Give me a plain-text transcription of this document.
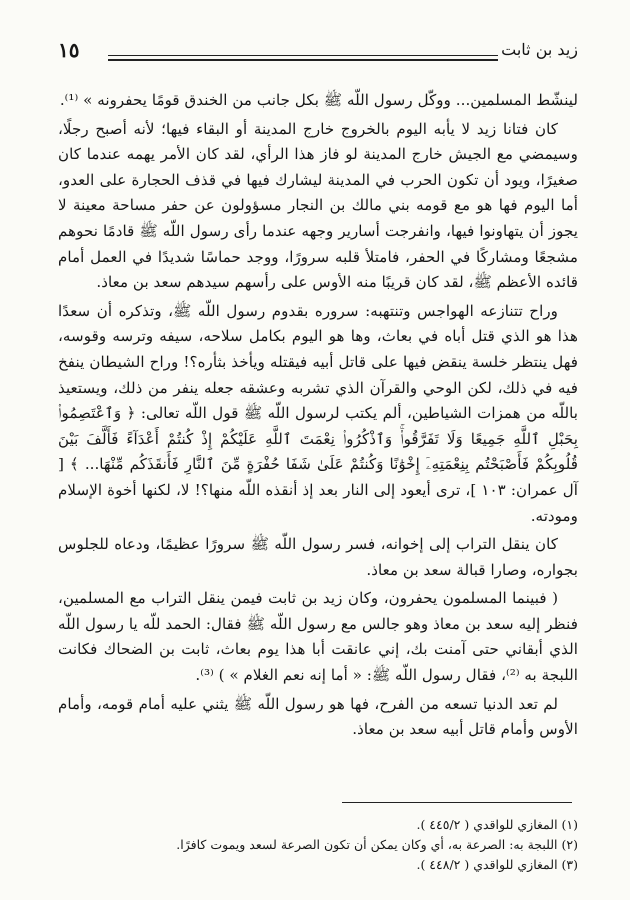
زيد بن ثابت
١٥

لينشّط المسلمين... ووكّل رسول اللّه ﷺ بكل جانب من الخندق قومًا يحفرونه » ⁽¹⁾.

كان فتانا زيد لا يأبه اليوم بالخروج خارج المدينة أو البقاء فيها؛ لأنه أصبح رجلًا، وسيمضي مع الجيش خارج المدينة لو فاز هذا الرأي، لقد كان الأمر يهمه عندما كان صغيرًا، ويود أن تكون الحرب في المدينة ليشارك فيها في قذف الحجارة على العدو، أما اليوم فها هو مع قومه بني مالك بن النجار مسؤولون عن حفر مساحة معينة لا يجوز أن يتهاونوا فيها، وانفرجت أسارير وجهه عندما رأى رسول اللّه ﷺ قادمًا نحوهم مشجعًا ومشاركًا في الحفر، فامتلأ قلبه سرورًا، ووجد حماسًا شديدًا في العمل أمام قائده الأعظم ﷺ، لقد كان قريبًا منه الأوس على رأسهم سيدهم سعد بن معاذ.

وراح تتنازعه الهواجس وتنتهبه: سروره بقدوم رسول اللّه ﷺ، وتذكره أن سعدًا هذا هو الذي قتل أباه في بعاث، وها هو اليوم بكامل سلاحه، سيفه وترسه وقوسه، فهل ينتظر خلسة ينقض فيها على قاتل أبيه فيقتله ويأخذ بثأره؟! وراح الشيطان ينفخ فيه في ذلك، لكن الوحي والقرآن الذي تشربه وعشقه جعله ينفر من ذلك، ويستعيذ باللّه من همزات الشياطين، ألم يكتب لرسول اللّه ﷺ قول اللّه تعالى: ﴿ وَٱعْتَصِمُوا۟ بِحَبْلِ ٱللَّهِ جَمِيعًا وَلَا تَفَرَّقُوا۟ۚ وَٱذْكُرُوا۟ نِعْمَتَ ٱللَّهِ عَلَيْكُمْ إِذْ كُنتُمْ أَعْدَآءً فَأَلَّفَ بَيْنَ قُلُوبِكُمْ فَأَصْبَحْتُم بِنِعْمَتِهِۦٓ إِخْوَٰنًا وَكُنتُمْ عَلَىٰ شَفَا حُفْرَةٍ مِّنَ ٱلنَّارِ فَأَنقَذَكُم مِّنْهَا... ﴾ [ آل عمران: ١٠٣ ]، ترى أيعود إلى النار بعد إذ أنقذه اللّه منها؟! لا، لكنها أخوة الإسلام ومودته.

كان ينقل التراب إلى إخوانه، فسر رسول اللّه ﷺ سرورًا عظيمًا، ودعاه للجلوس بجواره، وصارا قبالة سعد بن معاذ.

( فبينما المسلمون يحفرون، وكان زيد بن ثابت فيمن ينقل التراب مع المسلمين، فنظر إليه سعد بن معاذ وهو جالس مع رسول اللّه ﷺ فقال: الحمد للّه يا رسول اللّه الذي أبقاني حتى آمنت بك، إني عانقت أبا هذا يوم بعاث، ثابت بن الضحاك فكانت اللبجة به ⁽²⁾، فقال رسول اللّه ﷺ: « أما إنه نعم الغلام » ) ⁽³⁾.

لم تعد الدنيا تسعه من الفرح، فها هو رسول اللّه ﷺ يثني عليه أمام قومه، وأمام الأوس وأمام قاتل أبيه سعد بن معاذ.

(١) المغازي للواقدي ( ٤٤٥/٢ ).
(٢) اللبجة به: الصرعة به، أي وكان يمكن أن تكون الصرعة لسعد ويموت كافرًا.
(٣) المغازي للواقدي ( ٤٤٨/٢ ).
